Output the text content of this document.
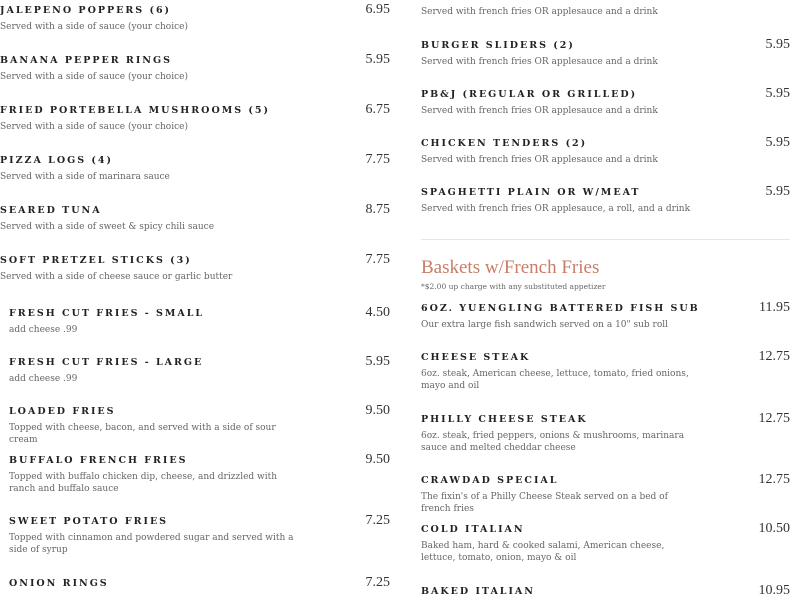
JALEPENO POPPERS (6)	6.95
Served with a side of sauce (your choice)
BANANA PEPPER RINGS	5.95
Served with a side of sauce (your choice)
FRIED PORTEBELLA MUSHROOMS (5)	6.75
Served with a side of sauce (your choice)
PIZZA LOGS (4)	7.75
Served with a side of marinara sauce
SEARED TUNA	8.75
Served with a side of sweet & spicy chili sauce
SOFT PRETZEL STICKS (3)	7.75
Served with a side of cheese sauce or garlic butter
FRESH CUT FRIES - SMALL	4.50
add cheese .99
FRESH CUT FRIES - LARGE	5.95
add cheese .99
LOADED FRIES	9.50
Topped with cheese, bacon, and served with a side of sour cream
BUFFALO FRENCH FRIES	9.50
Topped with buffalo chicken dip, cheese, and drizzled with ranch and buffalo sauce
SWEET POTATO FRIES	7.25
Topped with cinnamon and powdered sugar and served with a side of syrup
ONION RINGS	7.25
Served with french fries OR applesauce and a drink
BURGER SLIDERS (2)	5.95
Served with french fries OR applesauce and a drink
PB&J (REGULAR OR GRILLED)	5.95
Served with french fries OR applesauce and a drink
CHICKEN TENDERS (2)	5.95
Served with french fries OR applesauce and a drink
SPAGHETTI PLAIN OR W/MEAT	5.95
Served with french fries OR applesauce, a roll, and a drink
Baskets w/French Fries
*$2.00 up charge with any substituted appetizer
6OZ. YUENGLING BATTERED FISH SUB	11.95
Our extra large fish sandwich served on a 10" sub roll
CHEESE STEAK	12.75
6oz. steak, American cheese, lettuce, tomato, fried onions, mayo and oil
PHILLY CHEESE STEAK	12.75
6oz. steak, fried peppers, onions & mushrooms, marinara sauce and melted cheddar cheese
CRAWDAD SPECIAL	12.75
The fixin's of a Philly Cheese Steak served on a bed of french fries
COLD ITALIAN	10.50
Baked ham, hard & cooked salami, American cheese, lettuce, tomato, onion, mayo & oil
BAKED ITALIAN	10.95
